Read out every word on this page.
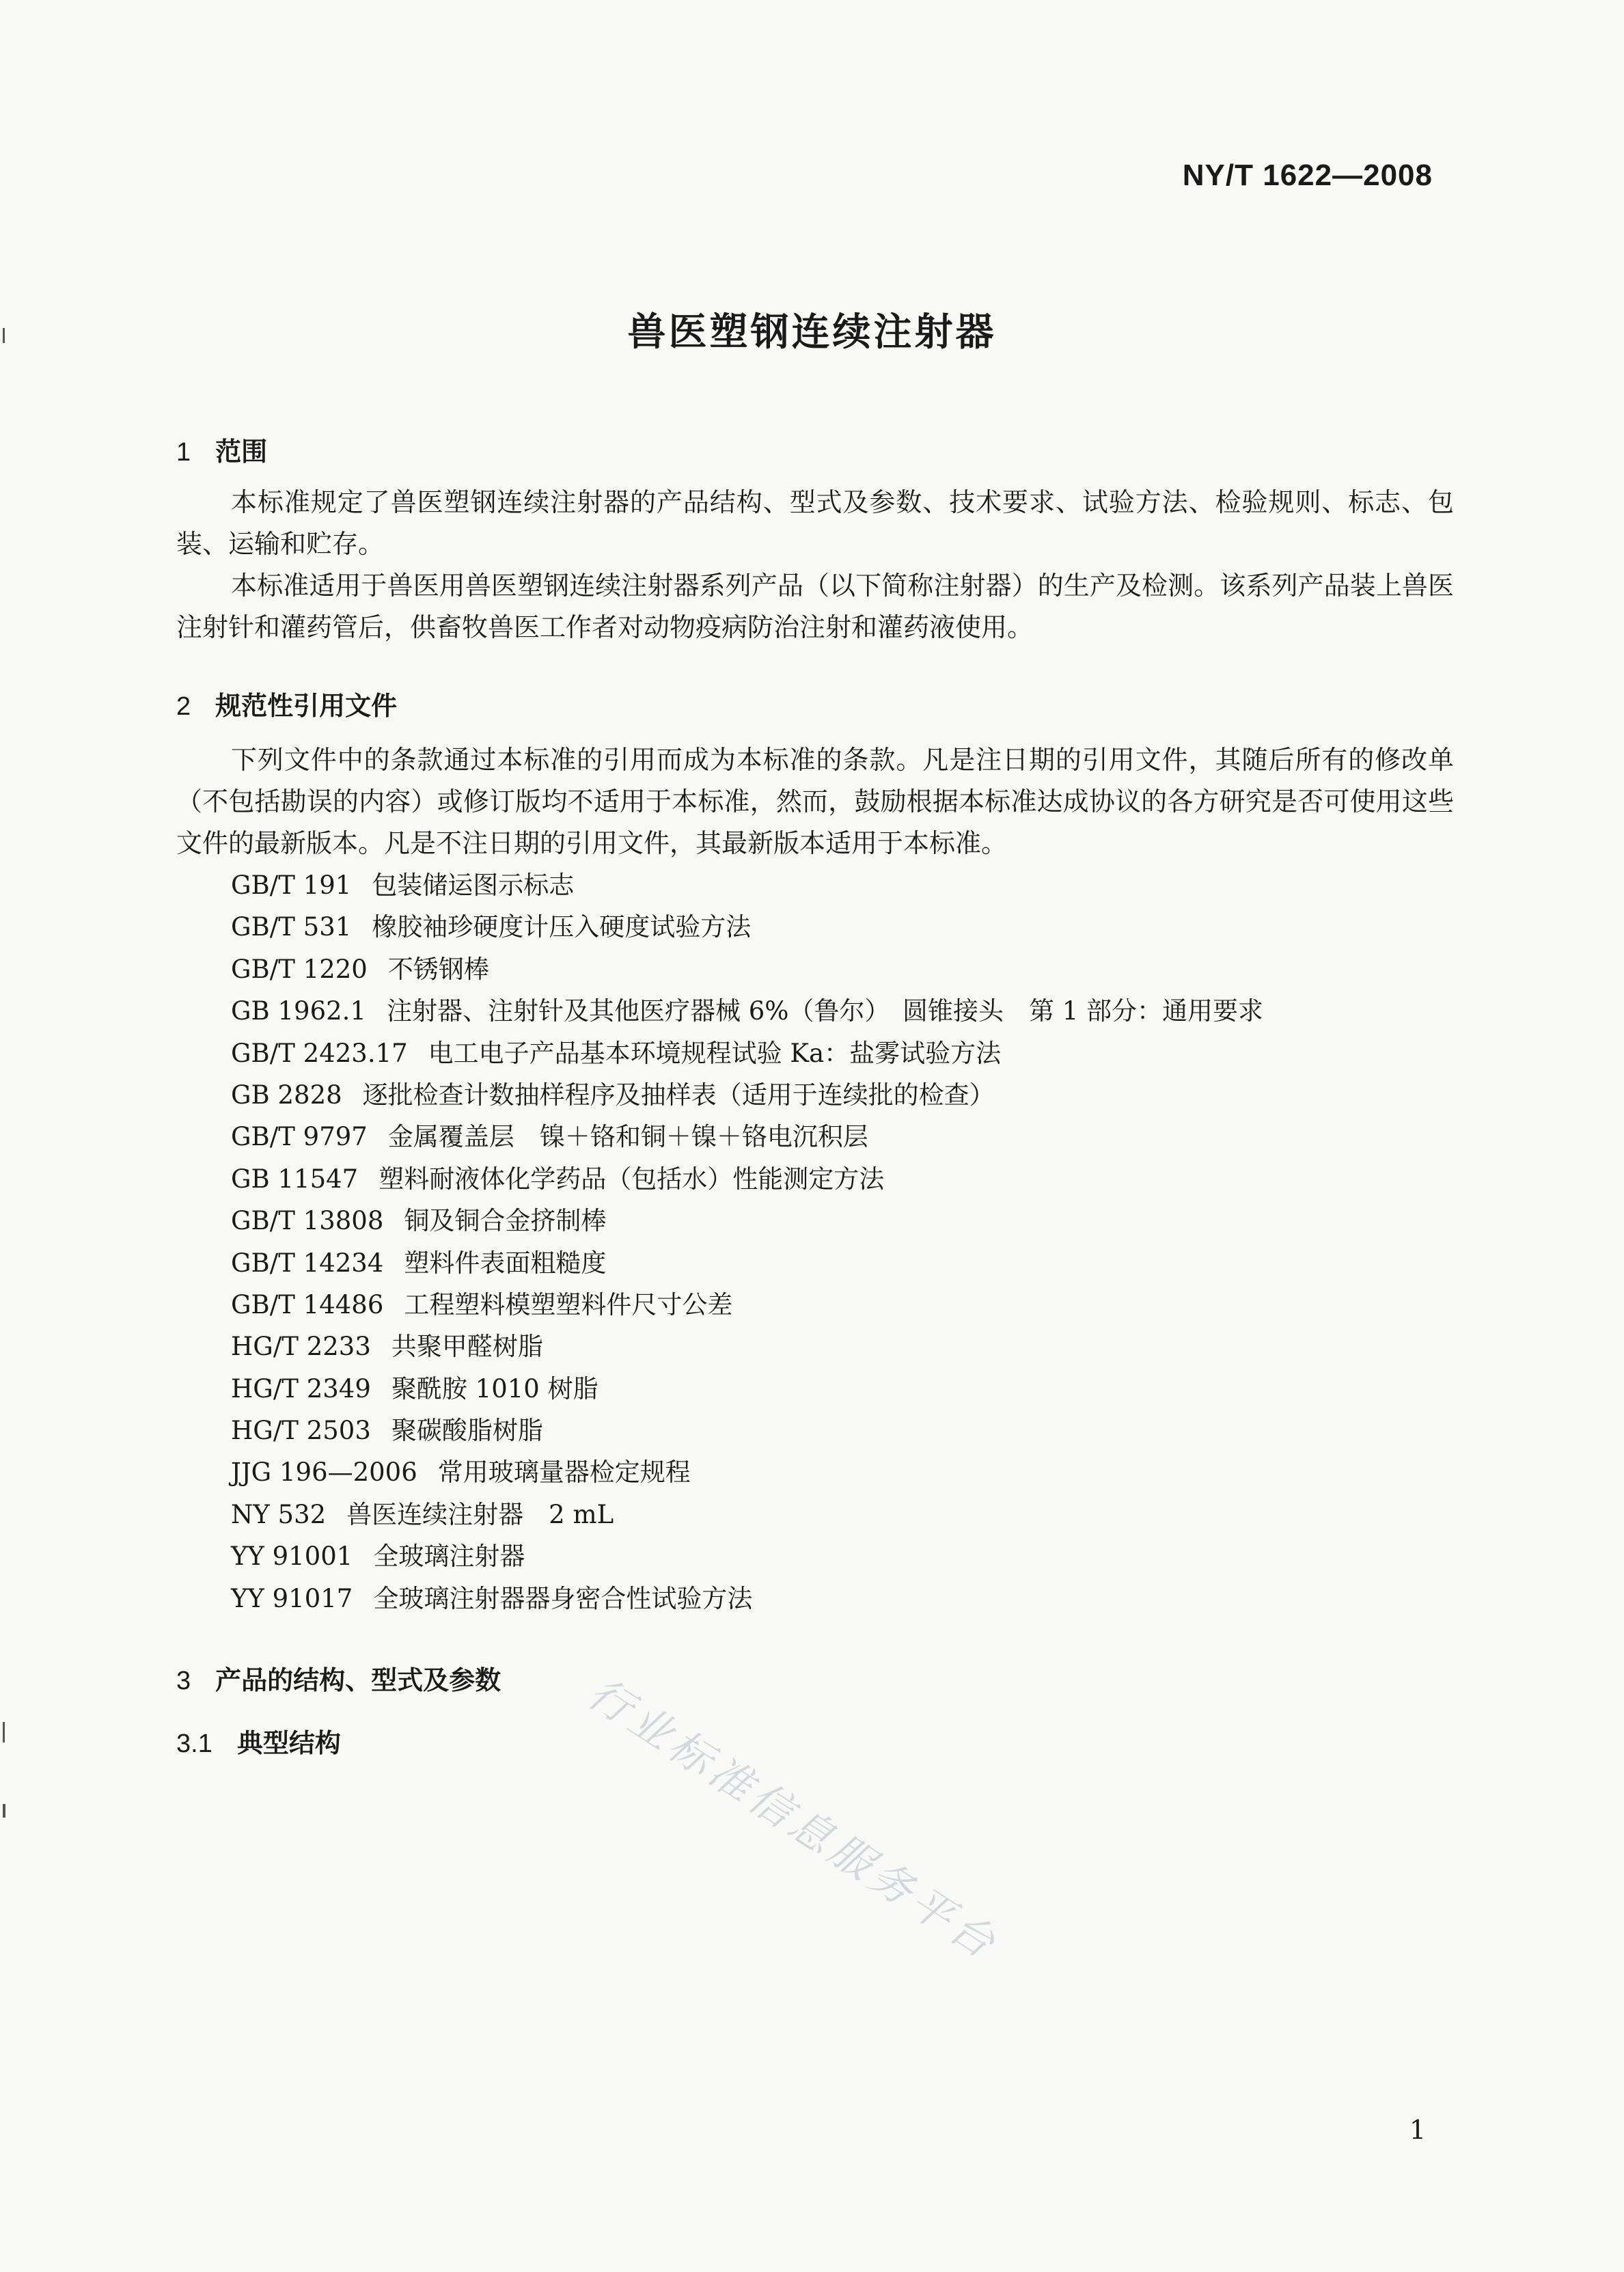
NY/T 1622—2008
兽医塑钢连续注射器
1 范围

本标准规定了兽医塑钢连续注射器的产品结构、型式及参数、技术要求、试验方法、检验规则、标志、包装、运输和贮存。

本标准适用于兽医用兽医塑钢连续注射器系列产品（以下简称注射器）的生产及检测。该系列产品装上兽医注射针和灌药管后，供畜牧兽医工作者对动物疫病防治注射和灌药液使用。

2 规范性引用文件

下列文件中的条款通过本标准的引用而成为本标准的条款。凡是注日期的引用文件，其随后所有的修改单（不包括勘误的内容）或修订版均不适用于本标准，然而，鼓励根据本标准达成协议的各方研究是否可使用这些文件的最新版本。凡是不注日期的引用文件，其最新版本适用于本标准。

GB/T 191 包装储运图示标志
GB/T 531 橡胶袖珍硬度计压入硬度试验方法
GB/T 1220 不锈钢棒
GB 1962.1 注射器、注射针及其他医疗器械 6%（鲁尔）　圆锥接头　第 1 部分：通用要求
GB/T 2423.17 电工电子产品基本环境规程试验 Ka：盐雾试验方法
GB 2828 逐批检查计数抽样程序及抽样表（适用于连续批的检查）
GB/T 9797 金属覆盖层　镍＋铬和铜＋镍＋铬电沉积层
GB 11547 塑料耐液体化学药品（包括水）性能测定方法
GB/T 13808 铜及铜合金挤制棒
GB/T 14234 塑料件表面粗糙度
GB/T 14486 工程塑料模塑塑料件尺寸公差
HG/T 2233 共聚甲醛树脂
HG/T 2349 聚酰胺 1010 树脂
HG/T 2503 聚碳酸脂树脂
JJG 196—2006 常用玻璃量器检定规程
NY 532 兽医连续注射器　2 mL
YY 91001 全玻璃注射器
YY 91017 全玻璃注射器器身密合性试验方法
3 产品的结构、型式及参数
3.1 典型结构	行业标准信息服务平台
1
